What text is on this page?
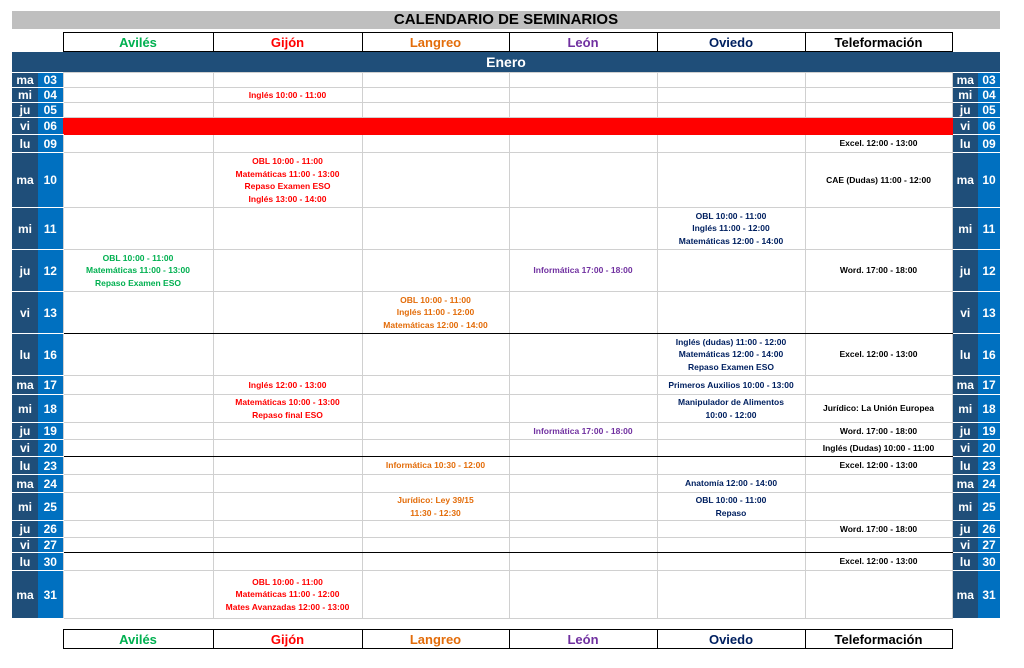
CALENDARIO DE SEMINARIOS
	Avilés	Gijón	Langreo	León	Oviedo	Teleformación	
Enero
ma	03							ma	03
mi	04		Inglés 10:00 - 11:00					mi	04
ju	05							ju	05
vi	06							vi	06
lu	09						Excel. 12:00 - 13:00	lu	09
ma	10		OBL 10:00 - 11:00
Matemáticas 11:00 - 13:00
Repaso Examen ESO
Inglés 13:00 - 14:00				CAE (Dudas) 11:00 - 12:00	ma	10
mi	11					OBL 10:00 - 11:00
Inglés 11:00 - 12:00
Matemáticas 12:00 - 14:00		mi	11
ju	12	OBL 10:00 - 11:00
Matemáticas 11:00 - 13:00
Repaso Examen ESO			Informática 17:00 - 18:00		Word. 17:00 - 18:00	ju	12
vi	13			OBL 10:00 - 11:00
Inglés 11:00 - 12:00
Matemáticas 12:00 - 14:00				vi	13
lu	16					Inglés (dudas) 11:00 - 12:00
Matemáticas 12:00 - 14:00
Repaso Examen ESO	Excel. 12:00 - 13:00	lu	16
ma	17		Inglés 12:00 - 13:00			Primeros Auxilios 10:00 - 13:00		ma	17
mi	18		Matemáticas 10:00 - 13:00
Repaso final ESO			Manipulador de Alimentos
10:00 - 12:00	Jurídico: La Unión Europea	mi	18
ju	19				Informática 17:00 - 18:00		Word. 17:00 - 18:00	ju	19
vi	20						Inglés (Dudas) 10:00 - 11:00	vi	20
lu	23			Informática 10:30 - 12:00			Excel. 12:00 - 13:00	lu	23
ma	24					Anatomía 12:00 - 14:00		ma	24
mi	25			Jurídico: Ley 39/15
11:30 - 12:30		OBL 10:00 - 11:00
Repaso		mi	25
ju	26						Word. 17:00 - 18:00	ju	26
vi	27							vi	27
lu	30						Excel. 12:00 - 13:00	lu	30
ma	31		OBL 10:00 - 11:00
Matemáticas 11:00 - 12:00
Mates Avanzadas 12:00 - 13:00					ma	31
	Avilés	Gijón	Langreo	León	Oviedo	Teleformación	
